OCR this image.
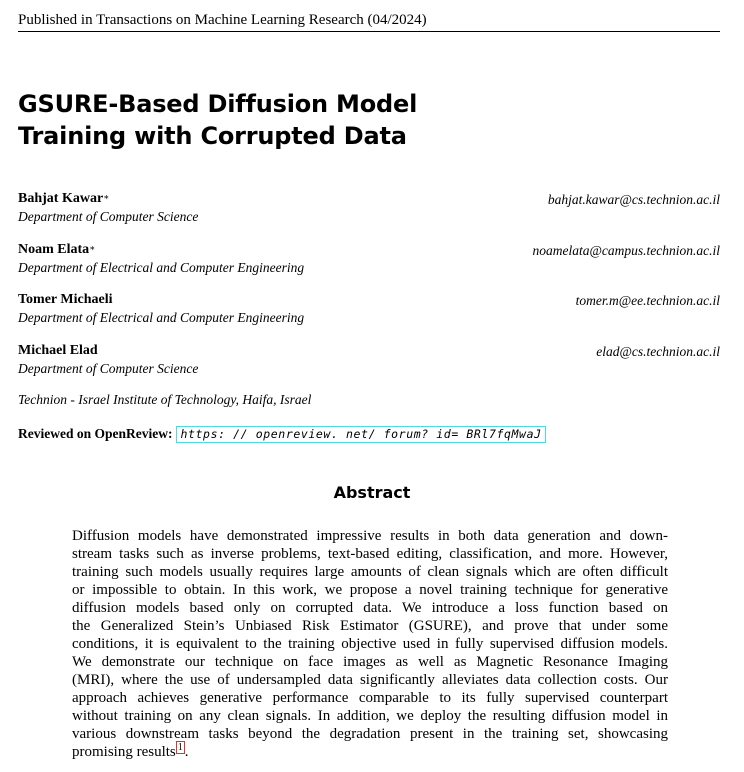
Published in Transactions on Machine Learning Research (04/2024)
GSURE-Based Diffusion Model
Training with Corrupted Data
Bahjat Kawar∗	bahjat.kawar@cs.technion.ac.il
Department of Computer Science
Noam Elata∗	noamelata@campus.technion.ac.il
Department of Electrical and Computer Engineering
Tomer Michaeli	tomer.m@ee.technion.ac.il
Department of Electrical and Computer Engineering
Michael Elad	elad@cs.technion.ac.il
Department of Computer Science
Technion - Israel Institute of Technology, Haifa, Israel
Reviewed on OpenReview: https: // openreview. net/ forum? id= BRl7fqMwaJ
Abstract
Diffusion models have demonstrated impressive results in both data generation and down-
stream tasks such as inverse problems, text-based editing, classification, and more. However,
training such models usually requires large amounts of clean signals which are often difficult
or impossible to obtain. In this work, we propose a novel training technique for generative
diffusion models based only on corrupted data. We introduce a loss function based on
the Generalized Stein’s Unbiased Risk Estimator (GSURE), and prove that under some
conditions, it is equivalent to the training objective used in fully supervised diffusion models.
We demonstrate our technique on face images as well as Magnetic Resonance Imaging
(MRI), where the use of undersampled data significantly alleviates data collection costs. Our
approach achieves generative performance comparable to its fully supervised counterpart
without training on any clean signals. In addition, we deploy the resulting diffusion model in
various downstream tasks beyond the degradation present in the training set, showcasing
promising results $^1$ .
